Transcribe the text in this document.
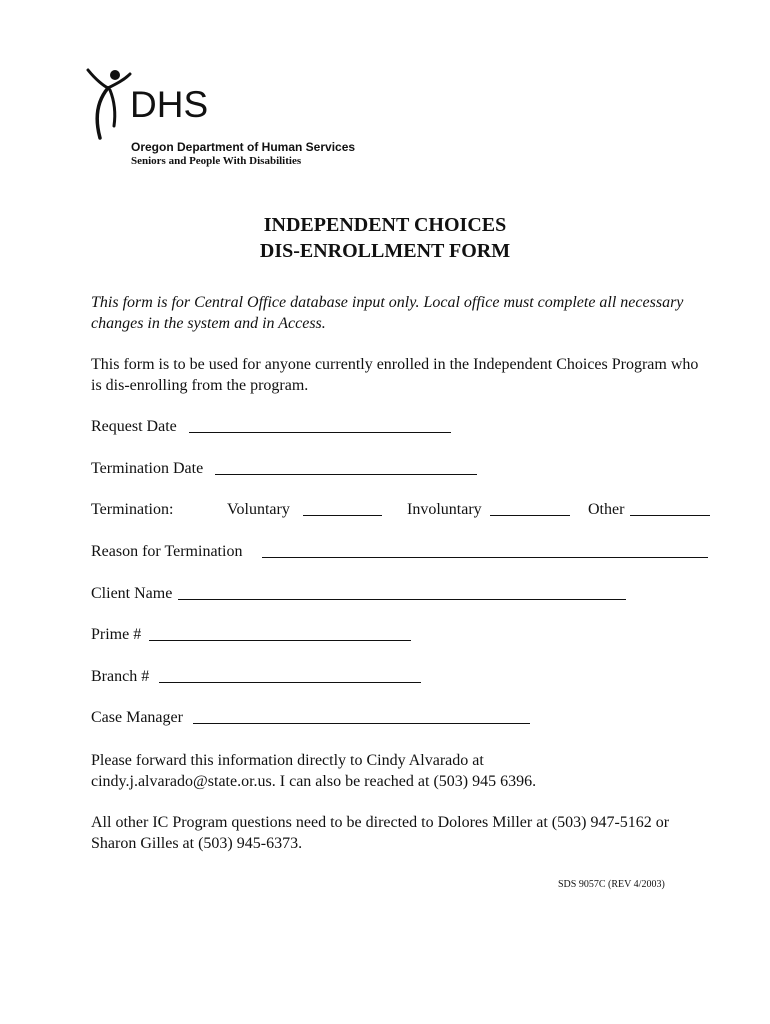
DHS
Oregon Department of Human Services
Seniors and People With Disabilities
INDEPENDENT CHOICES
DIS-ENROLLMENT FORM
This form is for Central Office database input only. Local office must complete all necessary changes in the system and in Access.
This form is to be used for anyone currently enrolled in the Independent Choices Program who is dis-enrolling from the program.
Request Date
Termination Date
Termination:	Voluntary	Involuntary	Other
Reason for Termination
Client Name
Prime #
Branch #
Case Manager
Please forward this information directly to Cindy Alvarado at cindy.j.alvarado@state.or.us. I can also be reached at (503) 945 6396.
All other IC Program questions need to be directed to Dolores Miller at (503) 947-5162 or Sharon Gilles at (503) 945-6373.
SDS 9057C (REV 4/2003)
